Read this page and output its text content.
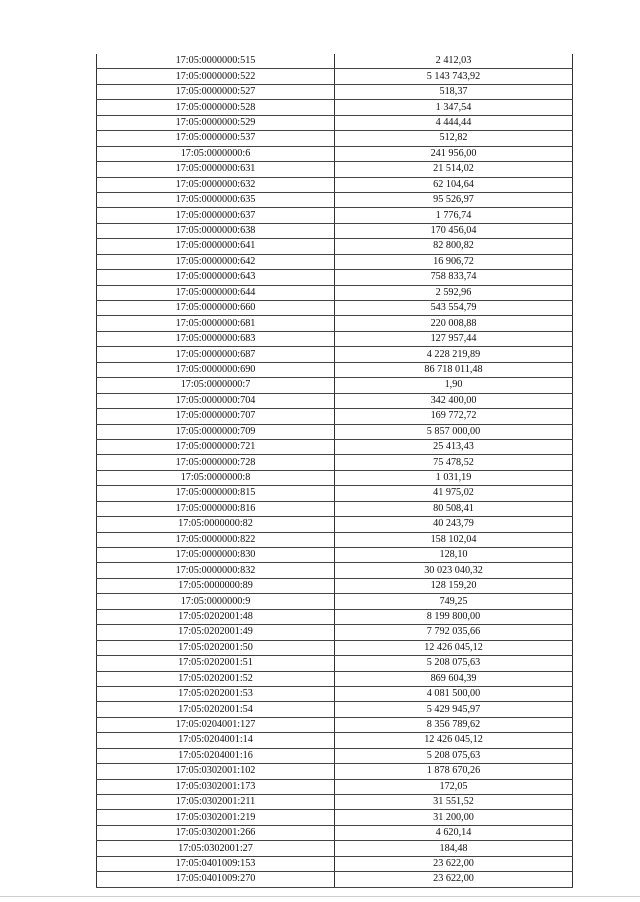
17:05:0000000:515	2 412,03
17:05:0000000:522	5 143 743,92
17:05:0000000:527	518,37
17:05:0000000:528	1 347,54
17:05:0000000:529	4 444,44
17:05:0000000:537	512,82
17:05:0000000:6	241 956,00
17:05:0000000:631	21 514,02
17:05:0000000:632	62 104,64
17:05:0000000:635	95 526,97
17:05:0000000:637	1 776,74
17:05:0000000:638	170 456,04
17:05:0000000:641	82 800,82
17:05:0000000:642	16 906,72
17:05:0000000:643	758 833,74
17:05:0000000:644	2 592,96
17:05:0000000:660	543 554,79
17:05:0000000:681	220 008,88
17:05:0000000:683	127 957,44
17:05:0000000:687	4 228 219,89
17:05:0000000:690	86 718 011,48
17:05:0000000:7	1,90
17:05:0000000:704	342 400,00
17:05:0000000:707	169 772,72
17:05:0000000:709	5 857 000,00
17:05:0000000:721	25 413,43
17:05:0000000:728	75 478,52
17:05:0000000:8	1 031,19
17:05:0000000:815	41 975,02
17:05:0000000:816	80 508,41
17:05:0000000:82	40 243,79
17:05:0000000:822	158 102,04
17:05:0000000:830	128,10
17:05:0000000:832	30 023 040,32
17:05:0000000:89	128 159,20
17:05:0000000:9	749,25
17:05:0202001:48	8 199 800,00
17:05:0202001:49	7 792 035,66
17:05:0202001:50	12 426 045,12
17:05:0202001:51	5 208 075,63
17:05:0202001:52	869 604,39
17:05:0202001:53	4 081 500,00
17:05:0202001:54	5 429 945,97
17:05:0204001:127	8 356 789,62
17:05:0204001:14	12 426 045,12
17:05:0204001:16	5 208 075,63
17:05:0302001:102	1 878 670,26
17:05:0302001:173	172,05
17:05:0302001:211	31 551,52
17:05:0302001:219	31 200,00
17:05:0302001:266	4 620,14
17:05:0302001:27	184,48
17:05:0401009:153	23 622,00
17:05:0401009:270	23 622,00
